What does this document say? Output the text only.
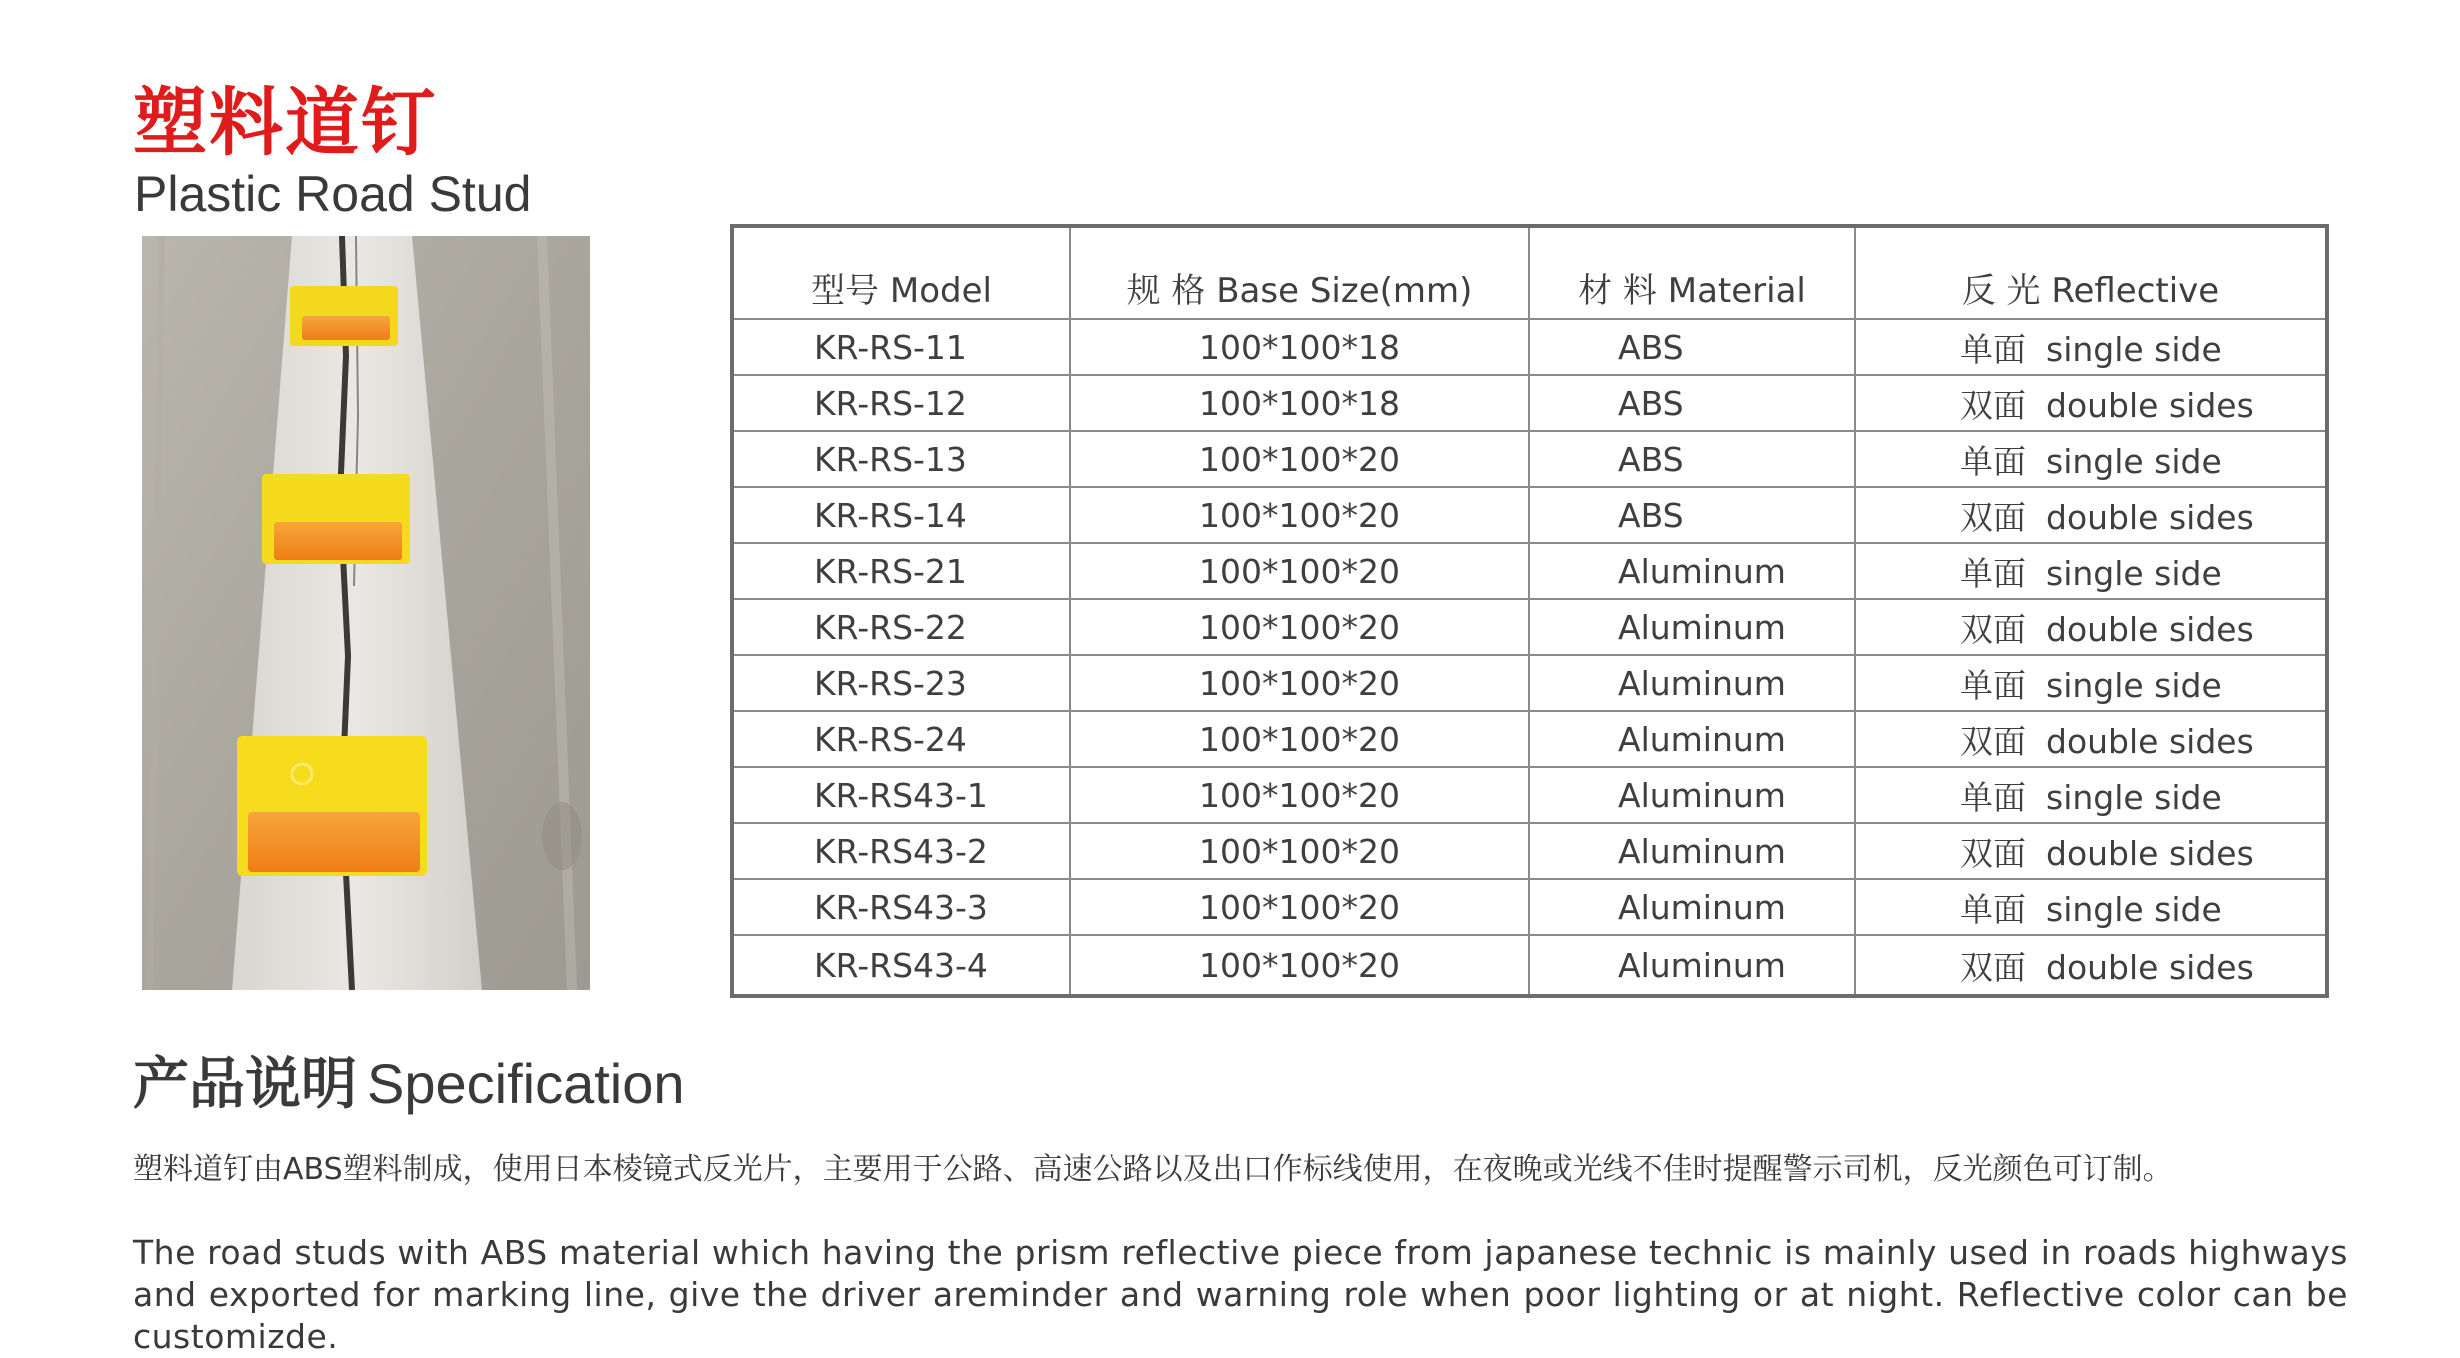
塑料道钉
Plastic Road Stud
型号 Model	规 格 Base Size(mm)	材 料 Material	反 光 Reflective
KR-RS-11	100*100*18	ABS	单面 single side
KR-RS-12	100*100*18	ABS	双面 double sides
KR-RS-13	100*100*20	ABS	单面 single side
KR-RS-14	100*100*20	ABS	双面 double sides
KR-RS-21	100*100*20	Aluminum	单面 single side
KR-RS-22	100*100*20	Aluminum	双面 double sides
KR-RS-23	100*100*20	Aluminum	单面 single side
KR-RS-24	100*100*20	Aluminum	双面 double sides
KR-RS43-1	100*100*20	Aluminum	单面 single side
KR-RS43-2	100*100*20	Aluminum	双面 double sides
KR-RS43-3	100*100*20	Aluminum	单面 single side
KR-RS43-4	100*100*20	Aluminum	双面 double sides
产品说明 Specification
塑料道钉由ABS塑料制成，使用日本棱镜式反光片，主要用于公路、高速公路以及出口作标线使用，在夜晚或光线不佳时提醒警示司机，反光颜色可订制。
The road studs with ABS material which having the prism reflective piece from japanese technic is mainly used in roads highways and exported for marking line, give the driver areminder and warning role when poor lighting or at night. Reflective color can be customizde.
